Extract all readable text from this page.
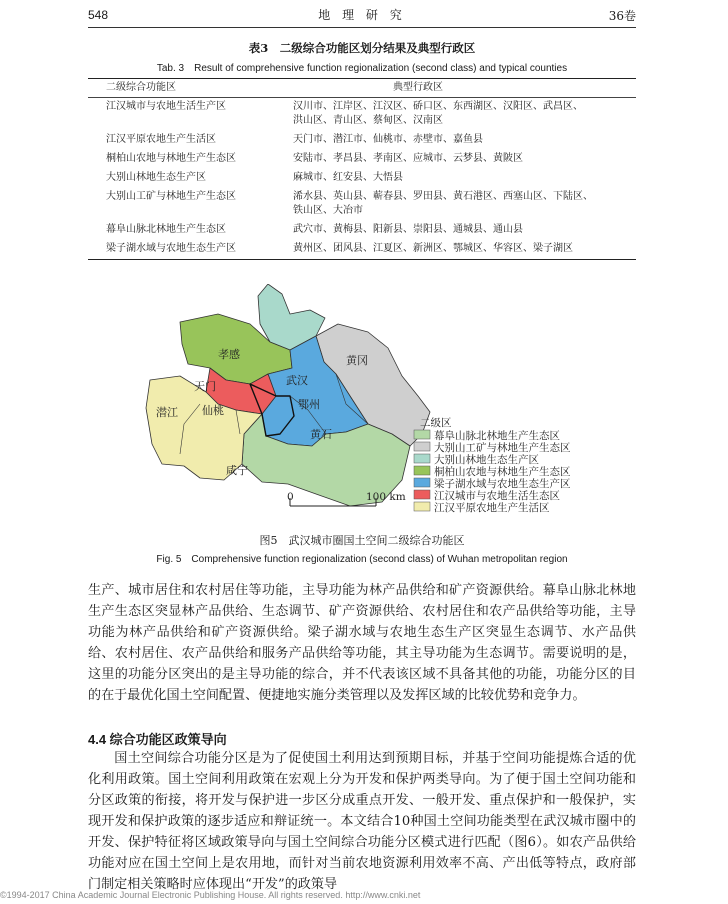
548	地 理 研 究	36卷
表3　二级综合功能区划分结果及典型行政区
Tab. 3　Result of comprehensive function regionalization (second class) and typical counties
二级综合功能区	典型行政区
江汉城市与农地生活生产区	汉川市、江岸区、江汉区、硚口区、东西湖区、汉阳区、武昌区、
洪山区、青山区、蔡甸区、汉南区

江汉平原农地生产生活区	天门市、潜江市、仙桃市、赤壁市、嘉鱼县
桐柏山农地与林地生产生态区	安陆市、孝昌县、孝南区、应城市、云梦县、黄陂区
大别山林地生态生产区	麻城市、红安县、大悟县
大别山工矿与林地生产生态区	浠水县、英山县、蕲春县、罗田县、黄石港区、西塞山区、下陆区、
铁山区、大冶市

幕阜山脉北林地生产生态区	武穴市、黄梅县、阳新县、崇阳县、通城县、通山县
梁子湖水域与农地生态生产区	黄州区、团风县、江夏区、新洲区、鄂城区、华容区、梁子湖区
孝感	黄冈
天门	武汉
仙桃
潜江
鄂州
黄石
咸宁
0	100 km
二级区
幕阜山脉北林地生产生态区
大别山工矿与林地生产生态区
大别山林地生态生产区
桐柏山农地与林地生产生态区
梁子湖水域与农地生态生产区
江汉城市与农地生活生态区
江汉平原农地生产生活区
图5　武汉城市圈国土空间二级综合功能区
Fig. 5　Comprehensive function regionalization (second class) of Wuhan metropolitan region
生产、城市居住和农村居住等功能，主导功能为林产品供给和矿产资源供给。幕阜山脉北林地生产生态区突显林产品供给、生态调节、矿产资源供给、农村居住和农产品供给等功能，主导功能为林产品供给和矿产资源供给。梁子湖水域与农地生态生产区突显生态调节、水产品供给、农村居住、农产品供给和服务产品供给等功能，其主导功能为生态调节。需要说明的是，这里的功能分区突出的是主导功能的综合，并不代表该区域不具备其他的功能，功能分区的目的在于最优化国土空间配置、便捷地实施分类管理以及发挥区域的比较优势和竞争力。
4.4 综合功能区政策导向
国土空间综合功能分区是为了促使国土利用达到预期目标，并基于空间功能提炼合适的优化利用政策。国土空间利用政策在宏观上分为开发和保护两类导向。为了便于国土空间功能和分区政策的衔接，将开发与保护进一步区分成重点开发、一般开发、重点保护和一般保护，实现开发和保护政策的逐步适应和辩证统一。本文结合10种国土空间功能类型在武汉城市圈中的开发、保护特征将区域政策导向与国土空间综合功能分区模式进行匹配（图6）。如农产品供给功能对应在国土空间上是农用地，而针对当前农地资源利用效率不高、产出低等特点，政府部门制定相关策略时应体现出“开发”的政策导
©1994-2017 China Academic Journal Electronic Publishing House. All rights reserved. http://www.cnki.net
